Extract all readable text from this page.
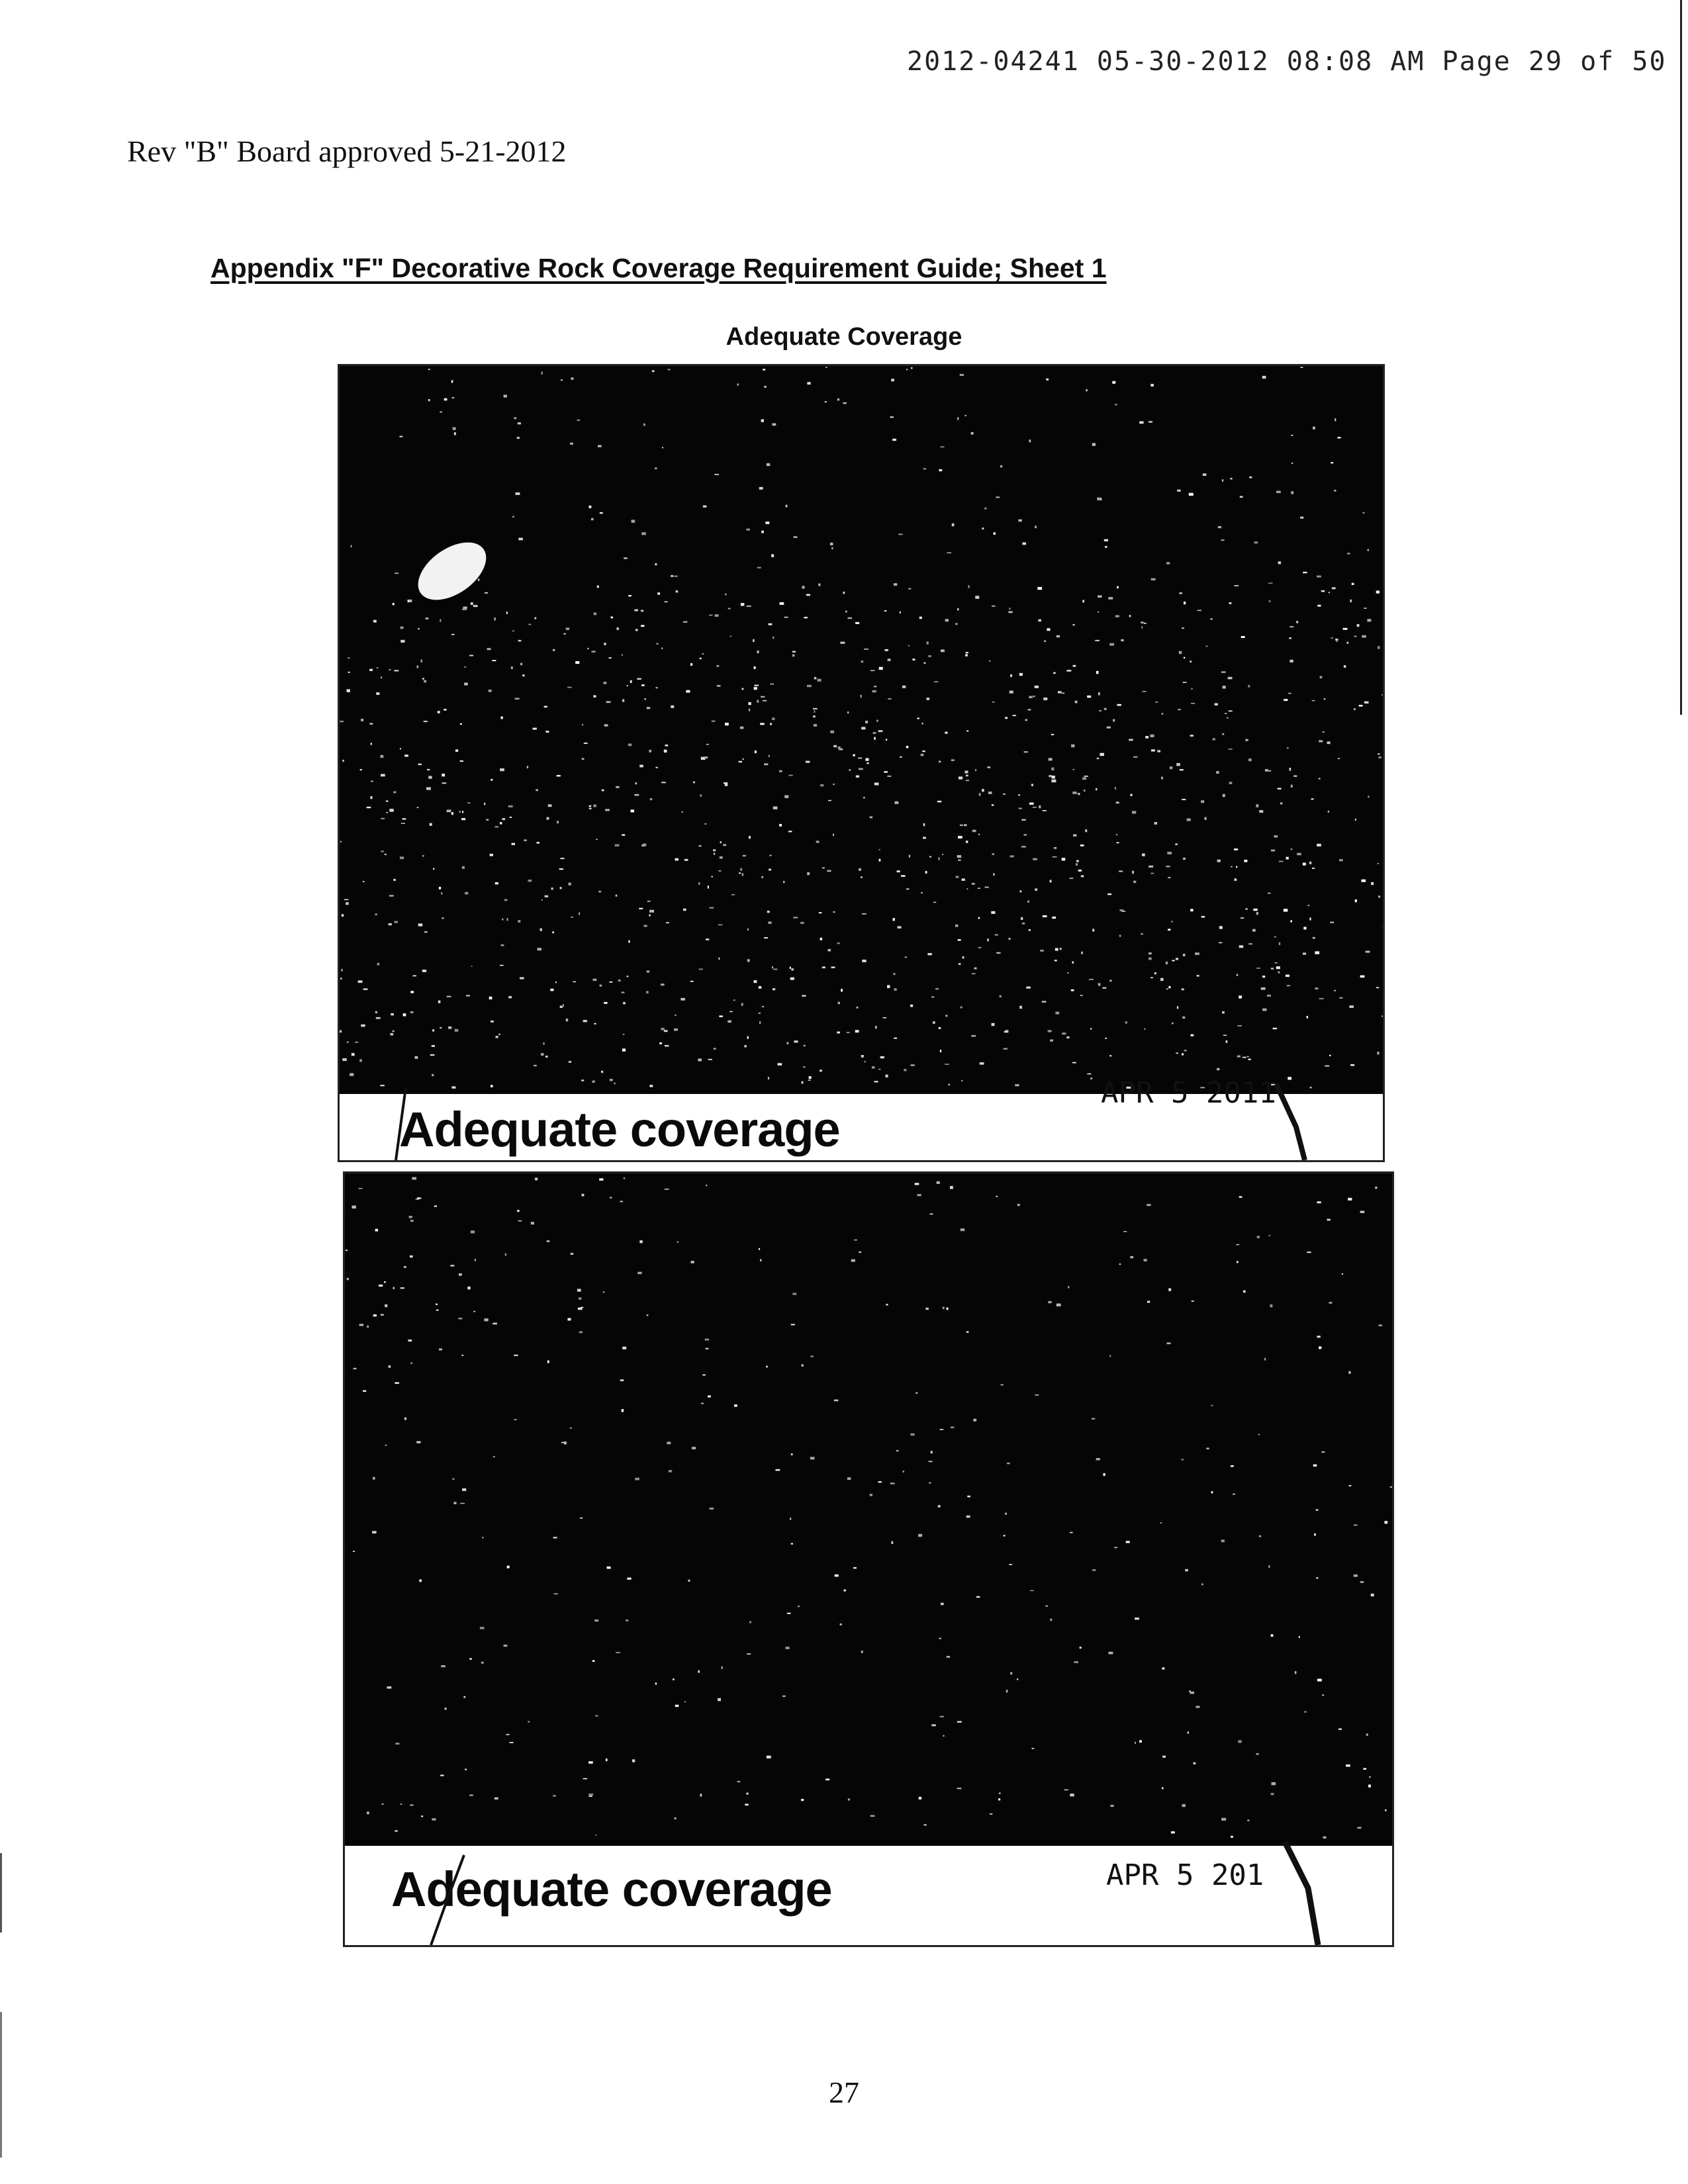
2012-04241 05-30-2012 08:08 AM Page 29 of 50
Rev "B" Board approved 5-21-2012
Appendix "F" Decorative Rock Coverage Requirement Guide; Sheet 1
Adequate Coverage
Adequate coverage
APR 5 2011
Adequate coverage	APR 5 201
27
